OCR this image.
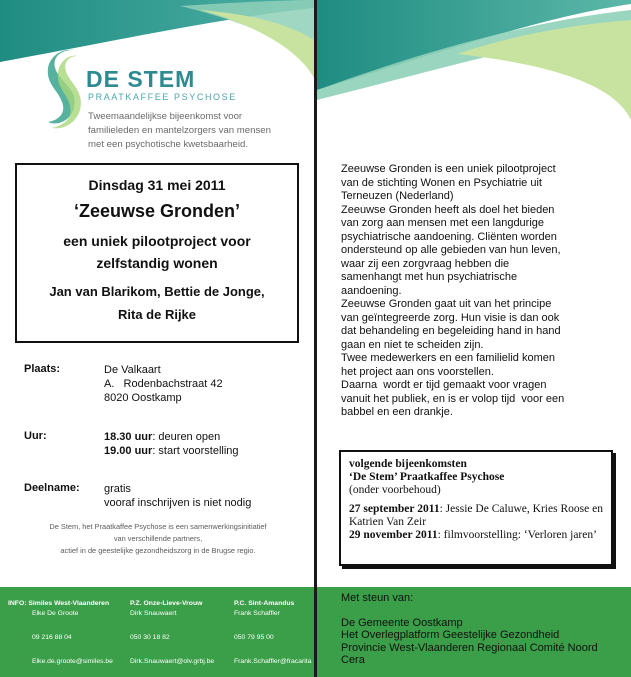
DE STEM
PRAATKAFFEE PSYCHOSE
Tweemaandelijkse bijeenkomst voor familieleden en mantelzorgers van mensen met een psychotische kwetsbaarheid.
Dinsdag 31 mei 2011
‘Zeeuwse Gronden’
een uniek pilootproject voor
zelfstandig wonen
Jan van Blarikom, Bettie de Jonge,
Rita de Rijke
Plaats:	De Valkaart
A.   Rodenbachstraat 42
8020 Oostkamp
Uur:	18.30 uur: deuren open
19.00 uur: start voorstelling
Deelname: gratis
vooraf inschrijven is niet nodig
De Stem, het Praatkaffee Psychose is een samenwerkingsinitiatief
van verschillende partners,
actief in de geestelijke gezondheidszorg in de Brugse regio.
INFO: Similes West-Vlaanderen
Elke De Groote
09 216 88 04
Elke.de.groote@similes.be
P.Z. Onze-Lieve-Vrouw
Dirk Snauwaert
050 30 18 82
Dirk.Snauwaert@olv.grbj.be
P.C. Sint-Amandus
Frank Schaffler
050 79 95 00
Frank.Schaffler@fracarita
Zeeuwse Gronden is een uniek pilootproject
van de stichting Wonen en Psychiatrie uit
Terneuzen (Nederland)
Zeeuwse Gronden heeft als doel het bieden
van zorg aan mensen met een langdurige
psychiatrische aandoening. Cliënten worden
ondersteund op alle gebieden van hun leven,
waar zij een zorgvraag hebben die
samenhangt met hun psychiatrische
aandoening.
Zeeuwse Gronden gaat uit van het principe
van geïntegreerde zorg. Hun visie is dan ook
dat behandeling en begeleiding hand in hand
gaan en niet te scheiden zijn.
Twee medewerkers en een familielid komen
het project aan ons voorstellen.
Daarna  wordt er tijd gemaakt voor vragen
vanuit het publiek, en is er volop tijd  voor een
babbel en een drankje.
volgende bijeenkomsten
‘De Stem’ Praatkaffee Psychose
(onder voorbehoud)
27 september 2011: Jessie De Caluwe, Kries Roose en Katrien Van Zeir
29 november 2011: filmvoorstelling: ‘Verloren jaren’
Met steun van:
De Gemeente Oostkamp
Het Overlegplatform Geestelijke Gezondheid
Provincie West-Vlaanderen Regionaal Comité Noord
Cera
